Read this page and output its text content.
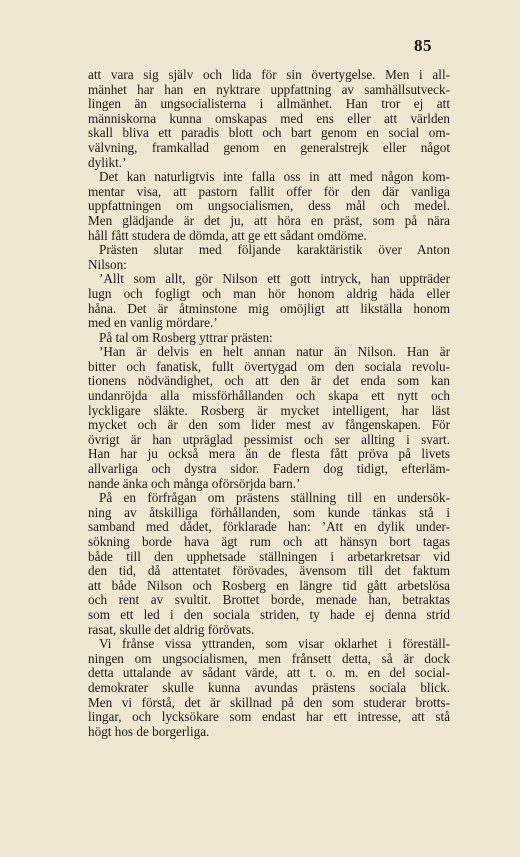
85
att vara sig själv och lida för sin övertygelse. Men i all-
mänhet har han en nyktrare uppfattning av samhällsutveck-
lingen än ungsocialisterna i allmänhet. Han tror ej att
människorna kunna omskapas med ens eller att världen
skall bliva ett paradis blott och bart genom en social om-
välvning, framkallad genom en generalstrejk eller något
dylikt.’
Det kan naturligtvis inte falla oss in att med någon kom-
mentar visa, att pastorn fallit offer för den där vanliga
uppfattningen om ungsocialismen, dess mål och medel.
Men glädjande är det ju, att höra en präst, som på nära
håll fått studera de dömda, att ge ett sådant omdöme.
Prästen slutar med följande karaktäristik över Anton
Nilson:
’Allt som allt, gör Nilson ett gott intryck, han uppträder
lugn och fogligt och man hör honom aldrig häda eller
håna. Det är åtminstone mig omöjligt att likställa honom
med en vanlig mördare.’
På tal om Rosberg yttrar prästen:
’Han är delvis en helt annan natur än Nilson. Han är
bitter och fanatisk, fullt övertygad om den sociala revolu-
tionens nödvändighet, och att den är det enda som kan
undanröjda alla missförhållanden och skapa ett nytt och
lyckligare släkte. Rosberg är mycket intelligent, har läst
mycket och är den som lider mest av fångenskapen. För
övrigt är han utpräglad pessimist och ser allting i svart.
Han har ju också mera än de flesta fått pröva på livets
allvarliga och dystra sidor. Fadern dog tidigt, efterläm-
nande änka och många oförsörjda barn.’
På en förfrågan om prästens ställning till en undersök-
ning av åtskilliga förhållanden, som kunde tänkas stå i
samband med dådet, förklarade han: ’Att en dylik under-
sökning borde hava ägt rum och att hänsyn bort tagas
både till den upphetsade ställningen i arbetarkretsar vid
den tid, då attentatet förövades, ävensom till det faktum
att både Nilson och Rosberg en längre tid gått arbetslösa
och rent av svultit. Brottet borde, menade han, betraktas
som ett led i den sociala striden, ty hade ej denna strid
rasat, skulle det aldrig förövats.
Vi frånse vissa yttranden, som visar oklarhet i föreställ-
ningen om ungsocialismen, men frånsett detta, så är dock
detta uttalande av sådant värde, att t. o. m. en del social-
demokrater skulle kunna avundas prästens sociala blick.
Men vi förstå, det är skillnad på den som studerar brotts-
lingar, och lycksökare som endast har ett intresse, att stå
högt hos de borgerliga.
